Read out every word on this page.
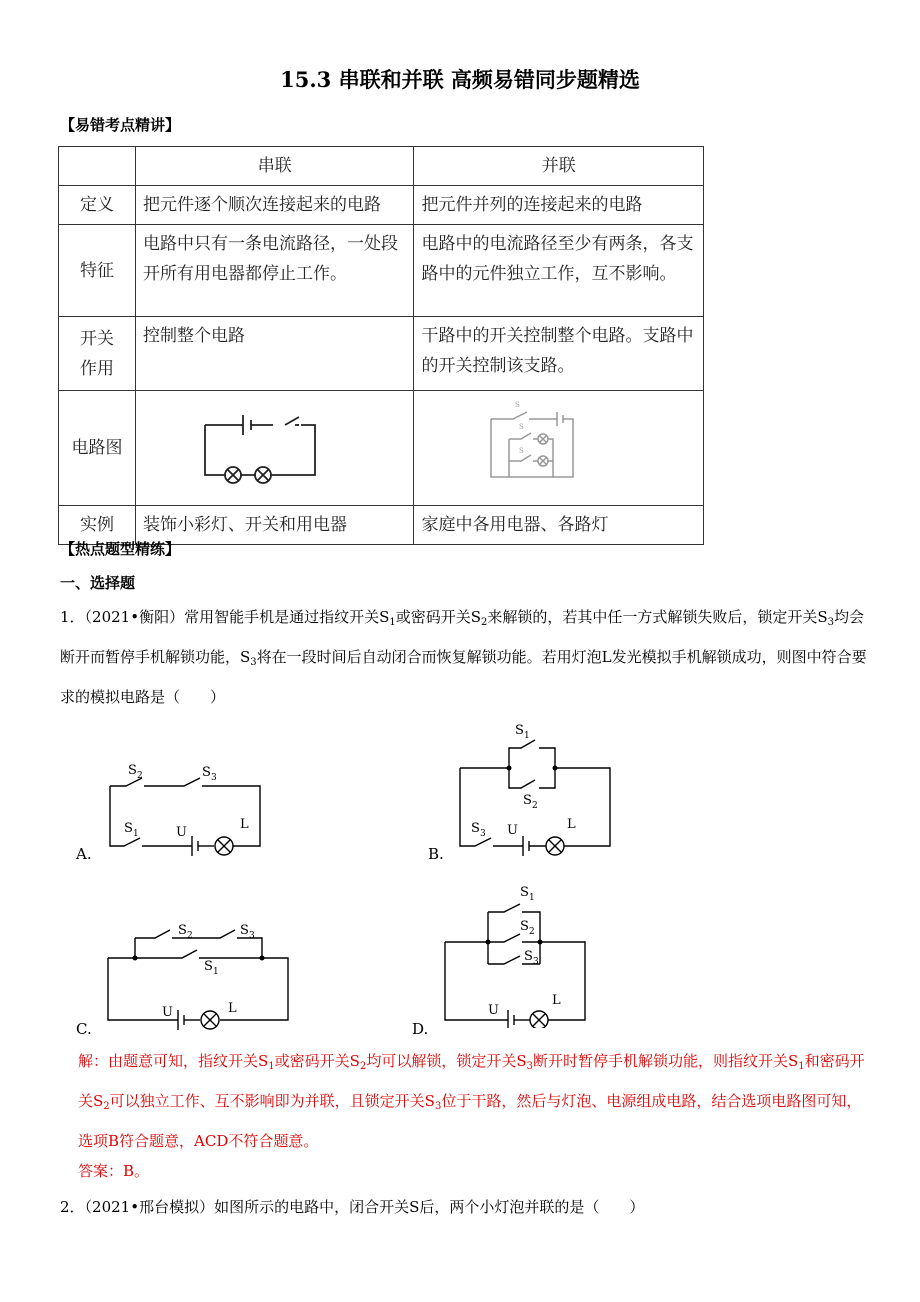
15.3 串联和并联 高频易错同步题精选
【易错考点精讲】
	串联	并联
定义	把元件逐个顺次连接起来的电路	把元件并列的连接起来的电路
特征	电路中只有一条电流路径，一处段开所有用电器都停止工作。	电路中的电流路径至少有两条，各支路中的元件独立工作，互不影响。
开关作用	控制整个电路	干路中的开关控制整个电路。支路中的开关控制该支路。
电路图		S
S
S

实例	装饰小彩灯、开关和用电器	家庭中各用电器、各路灯
【热点题型精练】
一、选择题
1．（2021•衡阳）常用智能手机是通过指纹开关$S_1$或密码开关$S_2$来解锁的，若其中任一方式解锁失败后，锁定开关$S_3$均会断开而暂停手机解锁功能，$S_3$将在一段时间后自动闭合而恢复解锁功能。若用灯泡L发光模拟手机解锁成功，则图中符合要求的模拟电路是（　　）
S 2	S 3
S 1	U
L
A.
S 1
S 2
S 3 U	L
B.
S 2	S 3
S 1
U	L
C.
S 1
S 2
S 3
U
L
D.
解：由题意可知，指纹开关$S_1$或密码开关$S_2$均可以解锁，锁定开关$S_3$断开时暂停手机解锁功能，则指纹开关$S_1$和密码开关$S_2$可以独立工作、互不影响即为并联，且锁定开关$S_3$位于干路，然后与灯泡、电源组成电路，结合选项电路图可知，选项B符合题意，ACD不符合题意。
答案：B。
2．（2021•邢台模拟）如图所示的电路中，闭合开关S后，两个小灯泡并联的是（　　）
